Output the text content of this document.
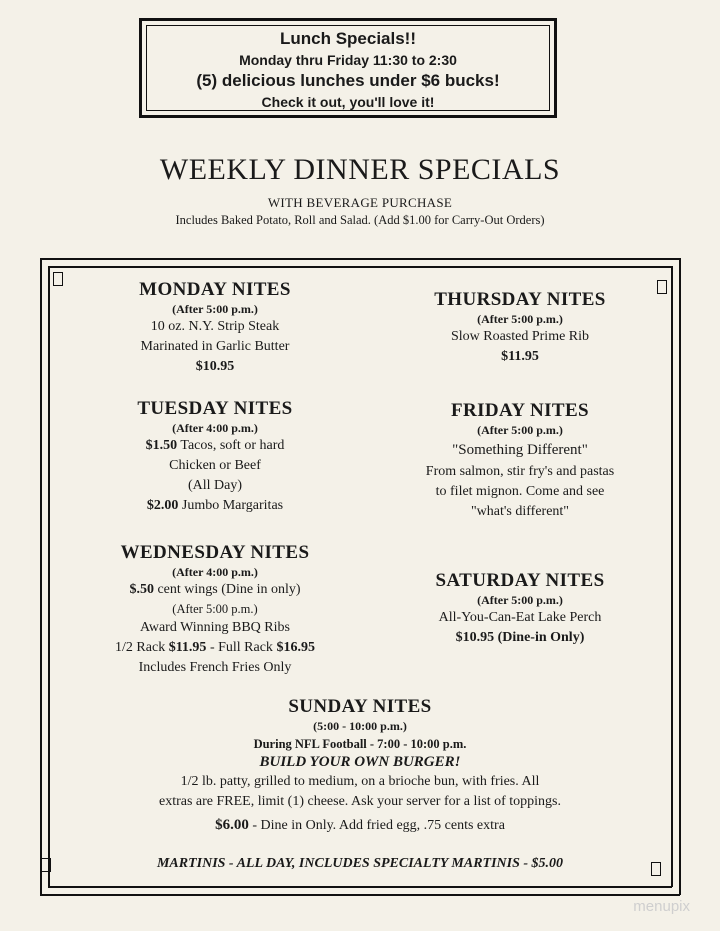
Lunch Specials!!
Monday thru Friday 11:30 to 2:30
(5) delicious lunches under $6 bucks!
Check it out, you'll love it!
WEEKLY DINNER SPECIALS
WITH BEVERAGE PURCHASE
Includes Baked Potato, Roll and Salad. (Add $1.00 for Carry-Out Orders)
MONDAY NITES
(After 5:00 p.m.)
10 oz. N.Y. Strip Steak
Marinated in Garlic Butter
$10.95
TUESDAY NITES
(After 4:00 p.m.)
$1.50 Tacos, soft or hard
Chicken or Beef
(All Day)
$2.00 Jumbo Margaritas
WEDNESDAY NITES
(After 4:00 p.m.)
$.50 cent wings (Dine in only)
(After 5:00 p.m.)
Award Winning BBQ Ribs
1/2 Rack $11.95 - Full Rack $16.95
Includes French Fries Only
THURSDAY NITES
(After 5:00 p.m.)
Slow Roasted Prime Rib
$11.95
FRIDAY NITES
(After 5:00 p.m.)
"Something Different"
From salmon, stir fry's and pastas
to filet mignon. Come and see
"what's different"
SATURDAY NITES
(After 5:00 p.m.)
All-You-Can-Eat Lake Perch
$10.95 (Dine-in Only)
SUNDAY NITES
(5:00 - 10:00 p.m.)
During NFL Football - 7:00 - 10:00 p.m.
BUILD YOUR OWN BURGER!
1/2 lb. patty, grilled to medium, on a brioche bun, with fries. All
extras are FREE, limit (1) cheese. Ask your server for a list of toppings.
$6.00 - Dine in Only. Add fried egg, .75 cents extra
MARTINIS - ALL DAY, INCLUDES SPECIALTY MARTINIS - $5.00
menupix
